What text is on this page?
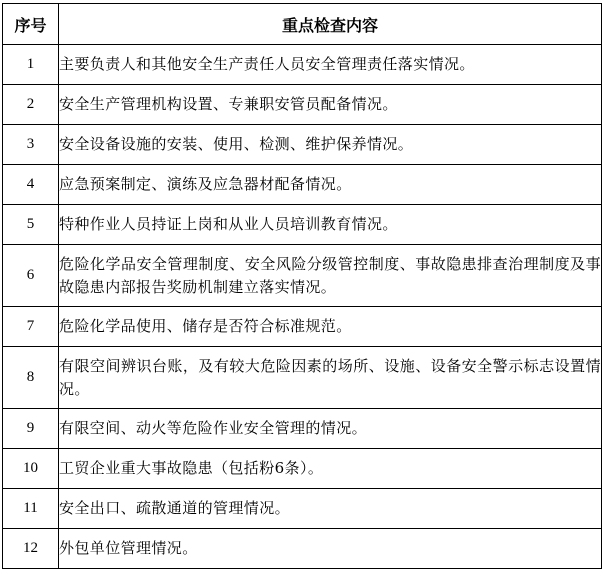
序号	重点检查内容
1	主要负责人和其他安全生产责任人员安全管理责任落实情况。
2	安全生产管理机构设置、专兼职安管员配备情况。
3	安全设备设施的安装、使用、检测、维护保养情况。
4	应急预案制定、演练及应急器材配备情况。
5	特种作业人员持证上岗和从业人员培训教育情况。
6	危险化学品安全管理制度、安全风险分级管控制度、事故隐患排查治理制度及事故隐患内部报告奖励机制建立落实情况。
7	危险化学品使用、储存是否符合标准规范。
8	有限空间辨识台账，及有较大危险因素的场所、设施、设备安全警示标志设置情况。
9	有限空间、动火等危险作业安全管理的情况。
10	工贸企业重大事故隐患（包括粉6条）。
11	安全出口、疏散通道的管理情况。
12	外包单位管理情况。
